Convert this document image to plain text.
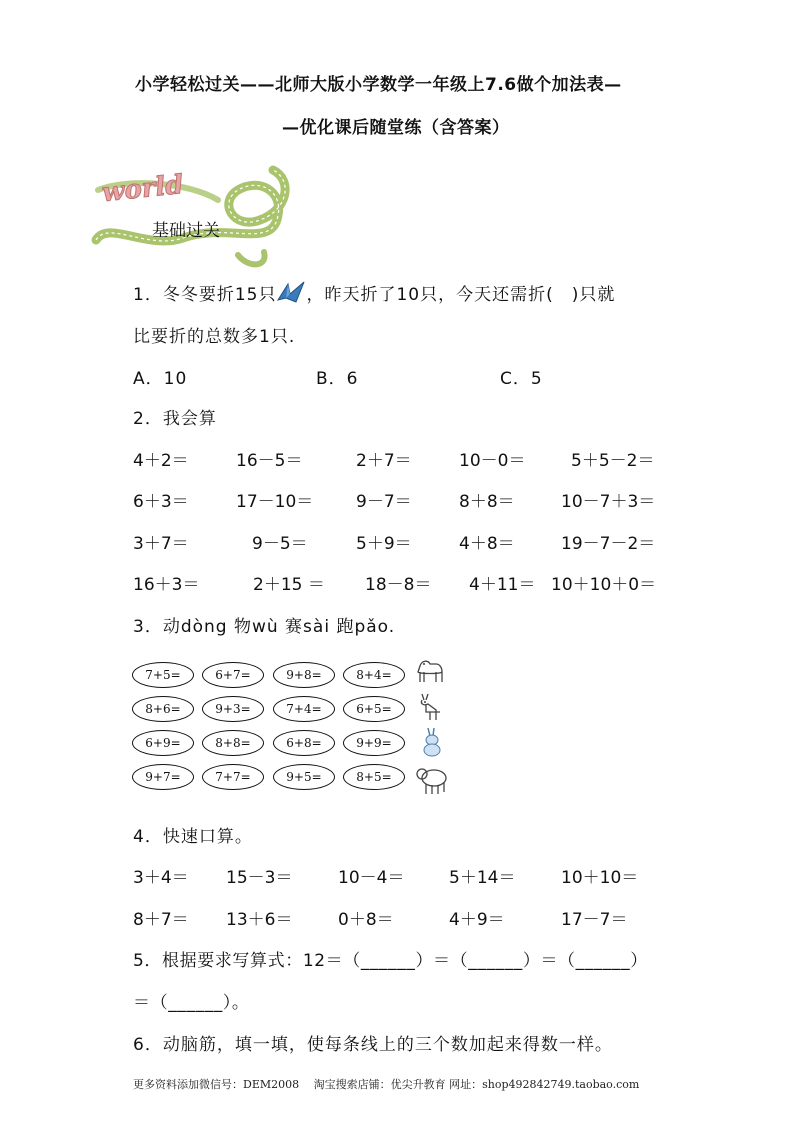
小学轻松过关——北师大版小学数学一年级上7.6做个加法表—
—优化课后随堂练（含答案）
world
基础过关
1．冬冬要折15只 ，昨天折了10只，今天还需折(　)只就
比要折的总数多1只.
A．10	B．6	C．5
2．我会算
4＋2＝	16－5＝	2＋7＝	10－0＝	5＋5－2＝
6＋3＝	17－10＝	9－7＝	8＋8＝	10－7＋3＝
3＋7＝	9－5＝	5＋9＝	4＋8＝	19－7－2＝
16＋3＝	2＋15 ＝ 18－8＝ 4＋11＝ 10＋10＋0＝
3．动dòng 物wù 赛sài 跑pǎo.
7+5=	6+7=	9+8=	8+4=
8+6=	9+3=	7+4=	6+5=
6+9=	8+8=	6+8=	9+9=
9+7=	7+7=	9+5=	8+5=
4．快速口算。
3＋4＝ 15－3＝	10－4＝	5＋14＝	10＋10＝
8＋7＝ 13＋6＝	0＋8＝	4＋9＝	17－7＝
5．根据要求写算式：12＝（______）＝（______）＝（______）
＝（______）。
6．动脑筋，填一填，使每条线上的三个数加起来得数一样。
更多资料添加微信号：DEM2008　 淘宝搜索店铺：优尖升教育 网址：shop492842749.taobao.com
